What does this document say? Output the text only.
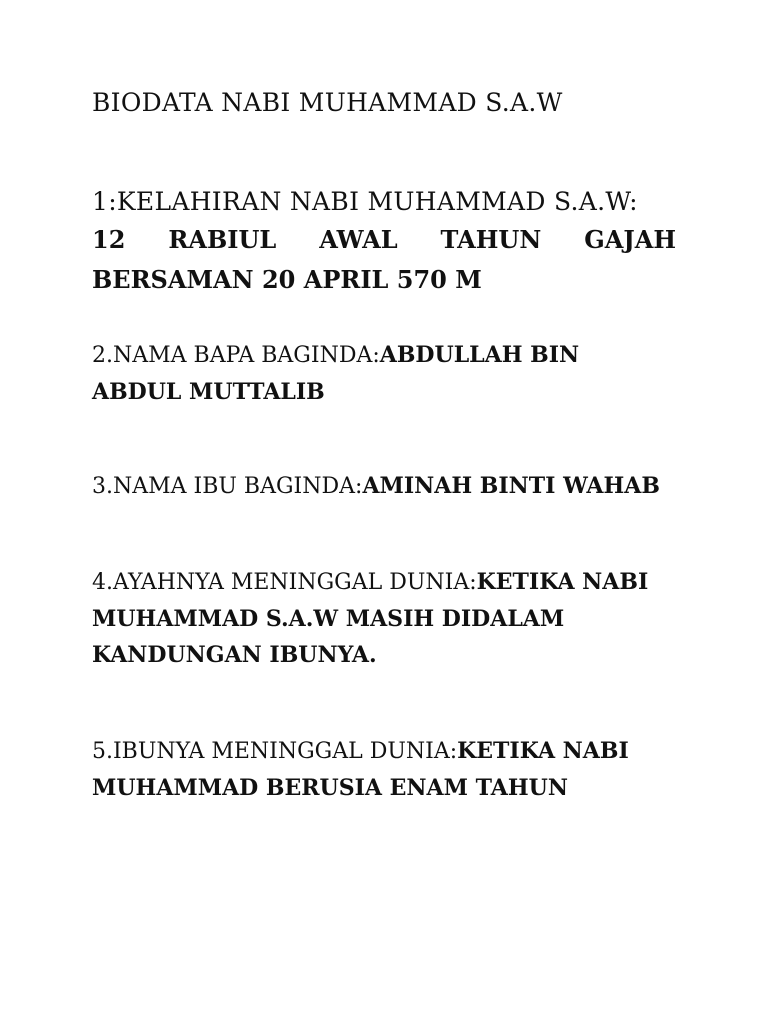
BIODATA NABI MUHAMMAD S.A.W
1:KELAHIRAN NABI MUHAMMAD S.A.W:
12 RABIUL AWAL TAHUN GAJAH
BERSAMAN 20 APRIL 570 M
2.NAMA BAPA BAGINDA:ABDULLAH BIN
ABDUL MUTTALIB
3.NAMA IBU BAGINDA:AMINAH BINTI WAHAB
4.AYAHNYA MENINGGAL DUNIA:KETIKA NABI
MUHAMMAD S.A.W MASIH DIDALAM
KANDUNGAN IBUNYA.
5.IBUNYA MENINGGAL DUNIA:KETIKA NABI
MUHAMMAD BERUSIA ENAM TAHUN
